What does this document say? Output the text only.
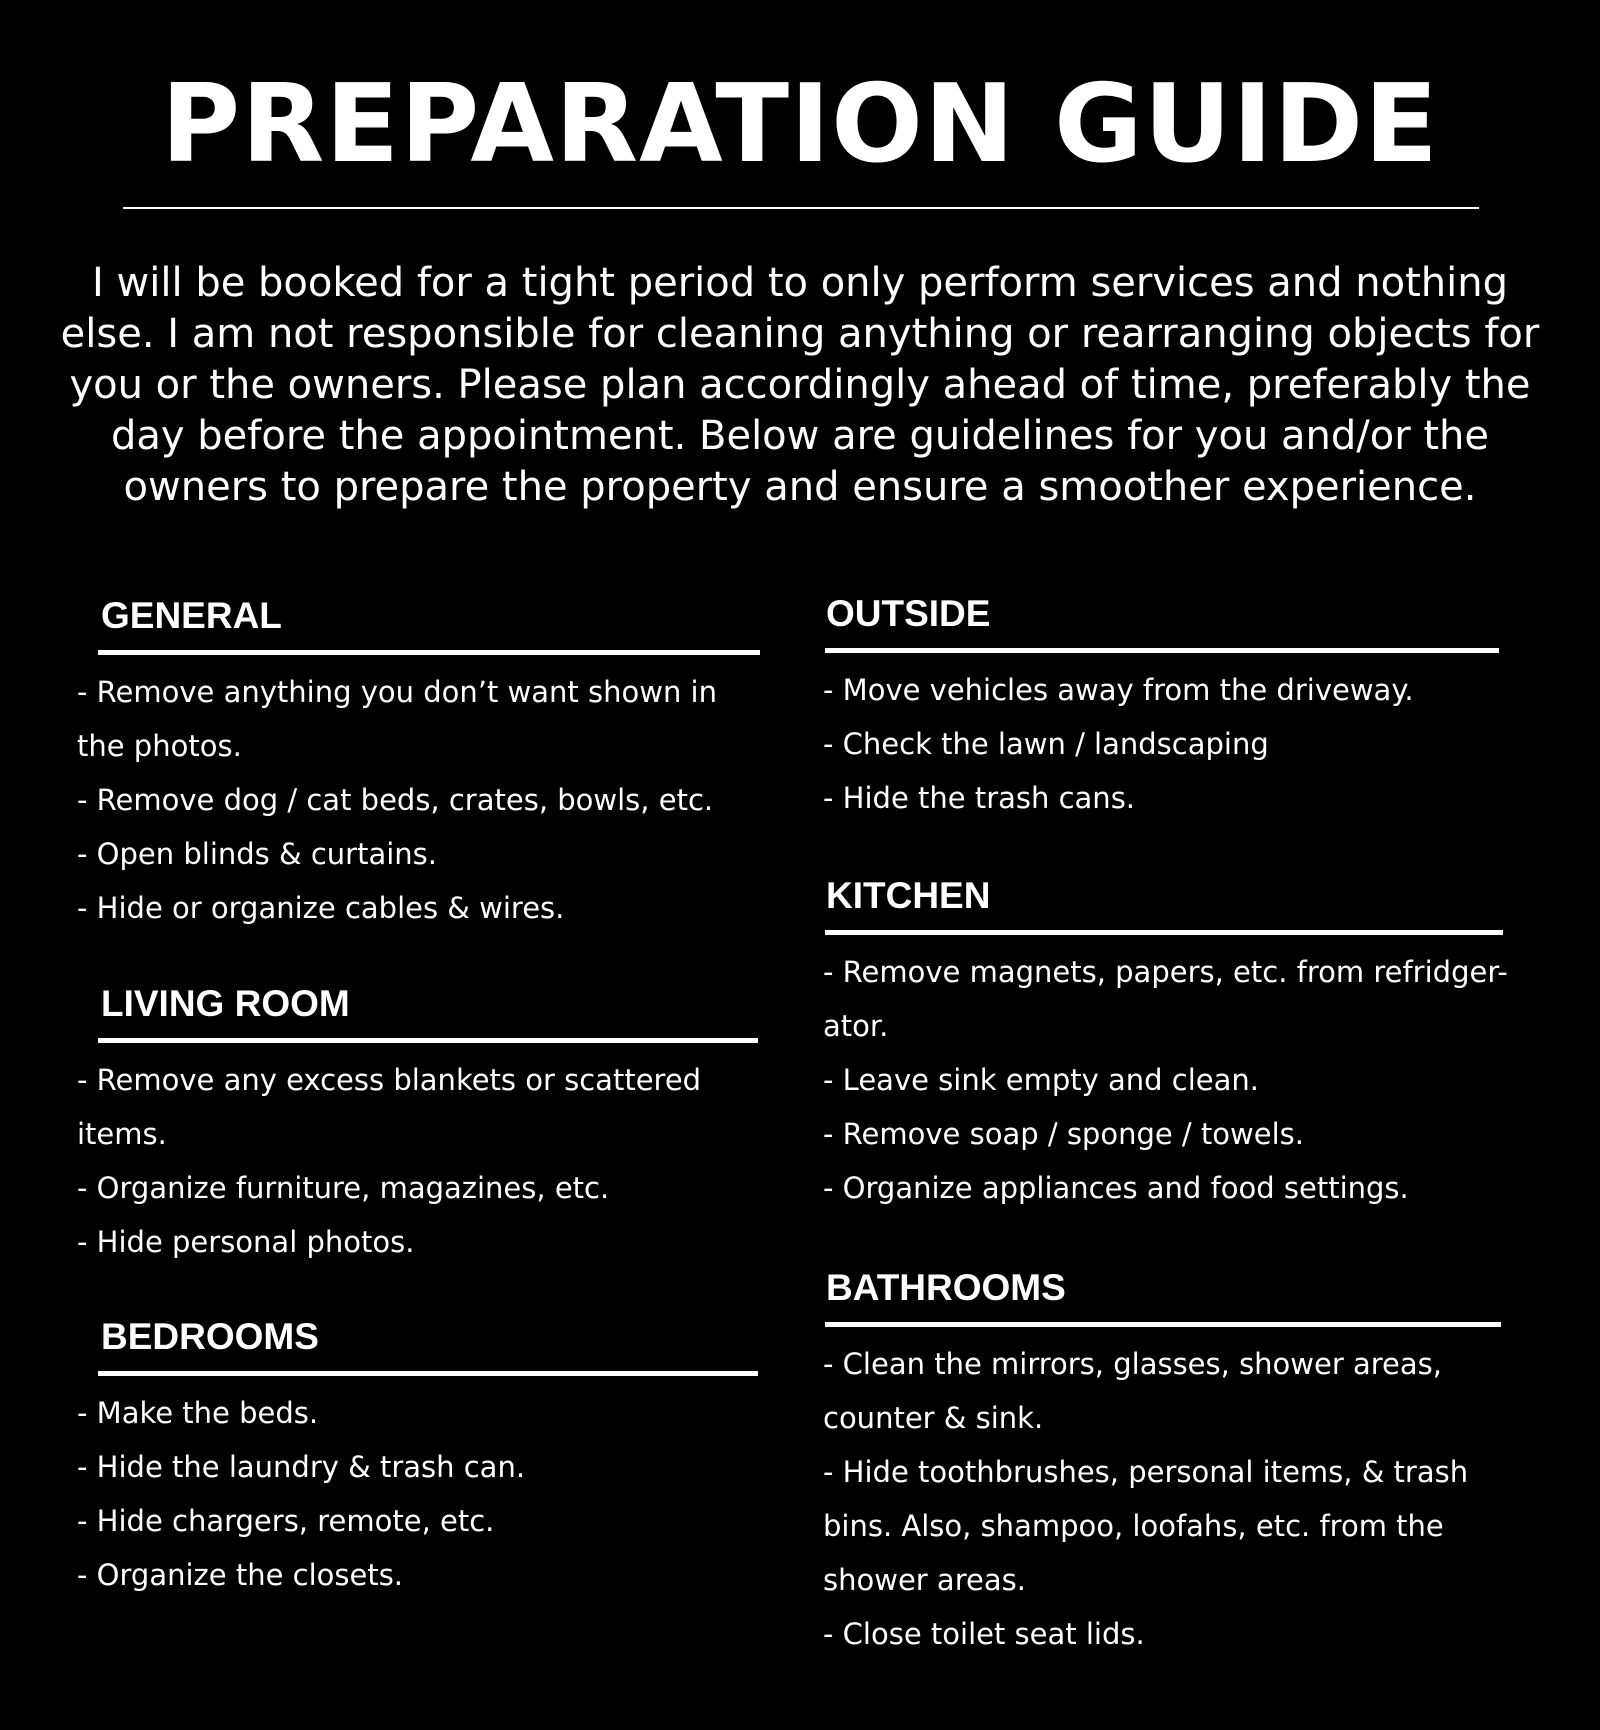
PREPARATION GUIDE

I will be booked for a tight period to only perform services and nothing else. I am not responsible for cleaning anything or rearranging objects for you or the owners. Please plan accordingly ahead of time, preferably the day before the appointment. Below are guidelines for you and/or the owners to prepare the property and ensure a smoother experience.

GENERAL
- Remove anything you don’t want shown in the photos.
- Remove dog / cat beds, crates, bowls, etc.
- Open blinds & curtains.
- Hide or organize cables & wires.
LIVING ROOM
- Remove any excess blankets or scattered items.
- Organize furniture, magazines, etc.
- Hide personal photos.
BEDROOMS
- Make the beds.
- Hide the laundry & trash can.
- Hide chargers, remote, etc.
- Organize the closets.
OUTSIDE
- Move vehicles away from the driveway.
- Check the lawn / landscaping
- Hide the trash cans.
KITCHEN
- Remove magnets, papers, etc. from refridger-ator.
- Leave sink empty and clean.
- Remove soap / sponge / towels.
- Organize appliances and food settings.
BATHROOMS
- Clean the mirrors, glasses, shower areas, counter & sink.
- Hide toothbrushes, personal items, & trash bins. Also, shampoo, loofahs, etc. from the shower areas.
- Close toilet seat lids.
